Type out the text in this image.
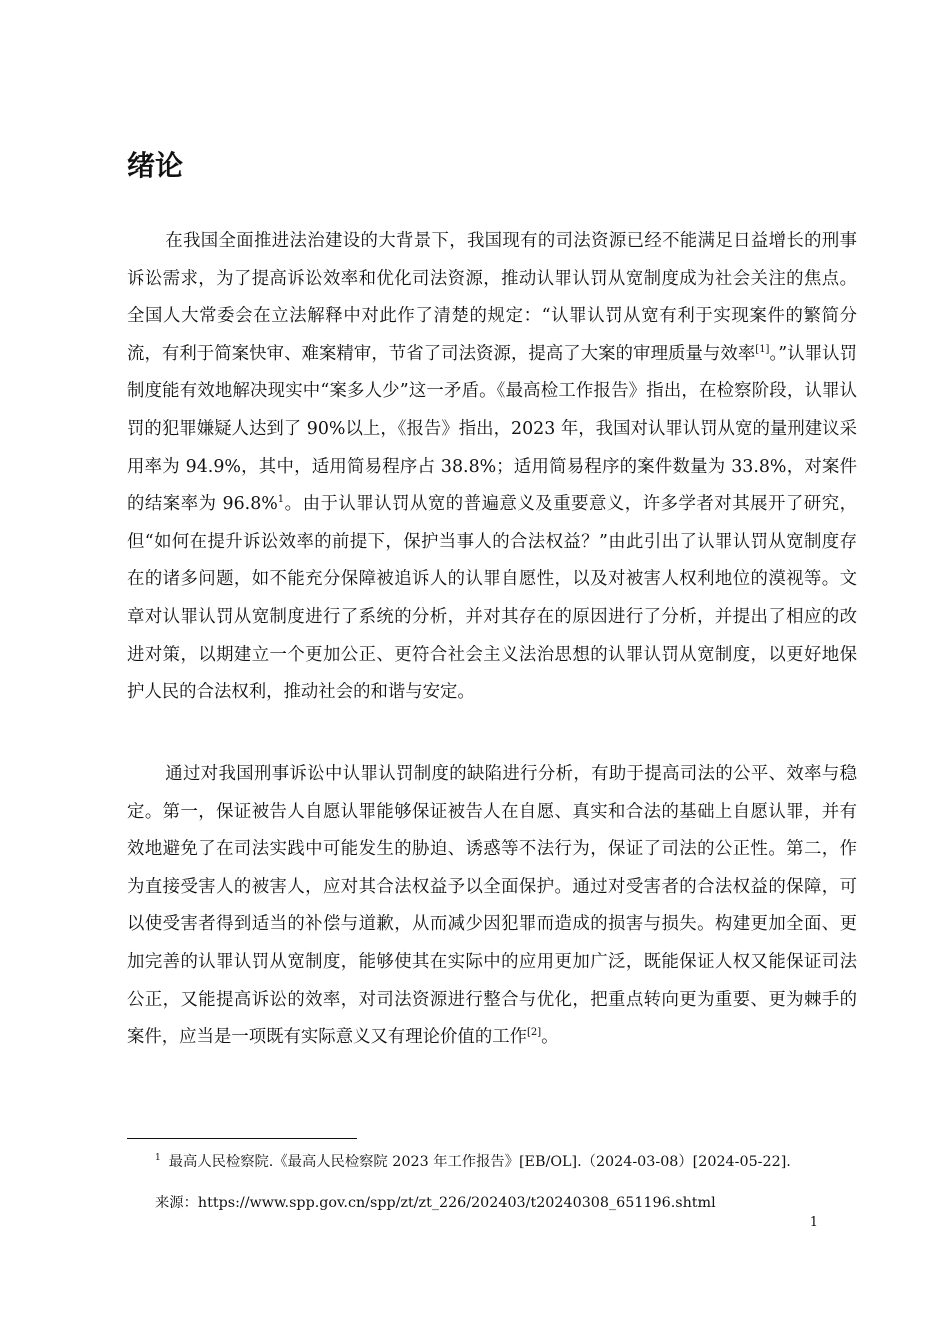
绪论

在我国全面推进法治建设的大背景下，我国现有的司法资源已经不能满足日益增长的刑事诉讼需求，为了提高诉讼效率和优化司法资源，推动认罪认罚从宽制度成为社会关注的焦点。全国人大常委会在立法解释中对此作了清楚的规定：“认罪认罚从宽有利于实现案件的繁简分流，有利于简案快审、难案精审，节省了司法资源，提高了大案的审理质量与效率[1]。”认罪认罚制度能有效地解决现实中“案多人少”这一矛盾。《最高检工作报告》指出，在检察阶段，认罪认罚的犯罪嫌疑人达到了 90%以上，《报告》指出，2023 年，我国对认罪认罚从宽的量刑建议采用率为 94.9%，其中，适用简易程序占 38.8%；适用简易程序的案件数量为 33.8%，对案件的结案率为 96.8%$^1$。由于认罪认罚从宽的普遍意义及重要意义，许多学者对其展开了研究，但“如何在提升诉讼效率的前提下，保护当事人的合法权益？”由此引出了认罪认罚从宽制度存在的诸多问题，如不能充分保障被追诉人的认罪自愿性，以及对被害人权利地位的漠视等。文章对认罪认罚从宽制度进行了系统的分析，并对其存在的原因进行了分析，并提出了相应的改进对策，以期建立一个更加公正、更符合社会主义法治思想的认罪认罚从宽制度，以更好地保护人民的合法权利，推动社会的和谐与安定。

通过对我国刑事诉讼中认罪认罚制度的缺陷进行分析，有助于提高司法的公平、效率与稳定。第一，保证被告人自愿认罪能够保证被告人在自愿、真实和合法的基础上自愿认罪，并有效地避免了在司法实践中可能发生的胁迫、诱惑等不法行为，保证了司法的公正性。第二，作为直接受害人的被害人，应对其合法权益予以全面保护。通过对受害者的合法权益的保障，可以使受害者得到适当的补偿与道歉，从而减少因犯罪而造成的损害与损失。构建更加全面、更加完善的认罪认罚从宽制度，能够使其在实际中的应用更加广泛，既能保证人权又能保证司法公正，又能提高诉讼的效率，对司法资源进行整合与优化，把重点转向更为重要、更为棘手的案件，应当是一项既有实际意义又有理论价值的工作[2]。

$^1$ 最高人民检察院.《最高人民检察院 2023 年工作报告》[EB/OL].（2024-03-08）[2024-05-22].

来源：https://www.spp.gov.cn/spp/zt/zt_226/202403/t20240308_651196.shtml

1
